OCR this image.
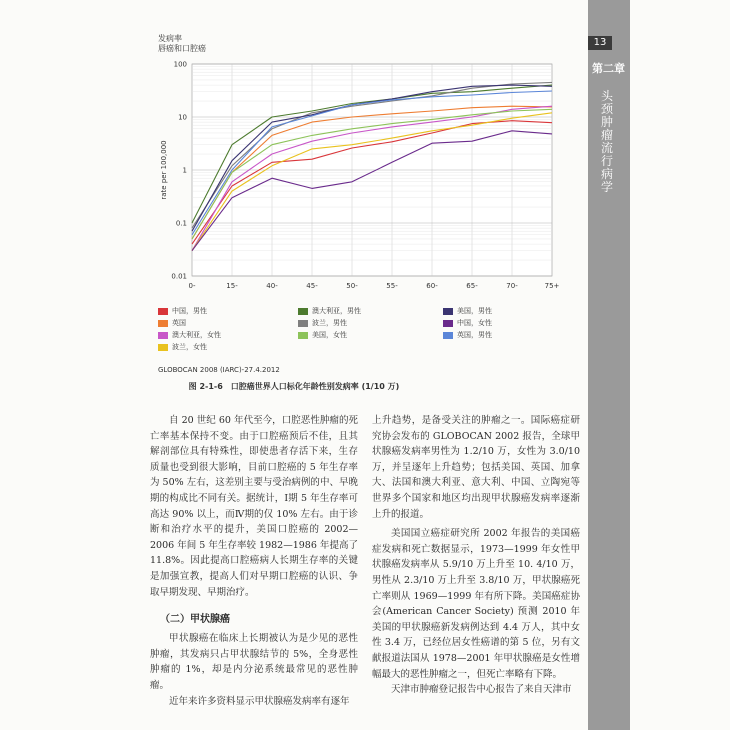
13
第二章
头颈肿瘤流行病学
发病率
唇癌和口腔癌
0-	15-	40-	45-	50-	55-	60-	65-	70-	75+
0.01
0.1
1
10
100
rate per 100,000
中国，男性
英国
澳大利亚，女性
波兰，女性
澳大利亚，男性
波兰，男性
美国，女性
美国，男性
中国，女性
英国，男性
GLOBOCAN 2008 (IARC)-27.4.2012
图 2-1-6　口腔癌世界人口标化年龄性别发病率 (1/10 万)

自 20 世纪 60 年代至今，口腔恶性肿瘤的死亡率基本保持不变。由于口腔癌预后不佳，且其解剖部位具有特殊性，即使患者存活下来，生存质量也受到很大影响，目前口腔癌的 5 年生存率为 50% 左右，这差别主要与受治病例的中、早晚期的构成比不同有关。据统计，Ⅰ期 5 年生存率可高达 90% 以上，而Ⅳ期的仅 10% 左右。由于诊断和治疗水平的提升，美国口腔癌的 2002—2006 年间 5 年生存率较 1982—1986 年提高了 11.8%。因此提高口腔癌病人长期生存率的关键是加强宣教，提高人们对早期口腔癌的认识、争取早期发现、早期治疗。

（二）甲状腺癌

甲状腺癌在临床上长期被认为是少见的恶性肿瘤，其发病只占甲状腺结节的 5%，全身恶性肿瘤的 1%，却是内分泌系统最常见的恶性肿瘤。

近年来许多资料显示甲状腺癌发病率有逐年

上升趋势，是备受关注的肿瘤之一。国际癌症研究协会发布的 GLOBOCAN 2002 报告，全球甲状腺癌发病率男性为 1.2/10 万，女性为 3.0/10 万，并呈逐年上升趋势；包括美国、英国、加拿大、法国和澳大利亚、意大利、中国、立陶宛等世界多个国家和地区均出现甲状腺癌发病率逐渐上升的报道。

美国国立癌症研究所 2002 年报告的美国癌症发病和死亡数据显示，1973—1999 年女性甲状腺癌发病率从 5.9/10 万上升至 10. 4/10 万，男性从 2.3/10 万上升至 3.8/10 万，甲状腺癌死亡率则从 1969—1999 年有所下降。美国癌症协会(American Cancer Society) 预测 2010 年美国的甲状腺癌新发病例达到 4.4 万人，其中女性 3.4 万，已经位居女性癌谱的第 5 位，另有文献报道法国从 1978—2001 年甲状腺癌是女性增幅最大的恶性肿瘤之一，但死亡率略有下降。

天津市肿瘤登记报告中心报告了来自天津市
